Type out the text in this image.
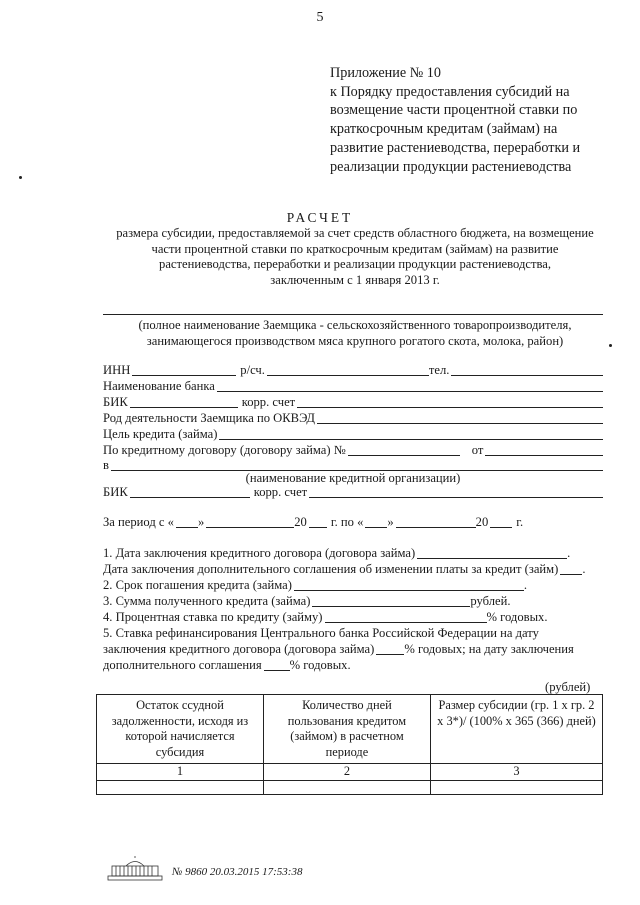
5
Приложение № 10
к Порядку предоставления субсидий на
возмещение части процентной ставки по
краткосрочным кредитам (займам) на
развитие растениеводства, переработки и
реализации продукции растениеводства
РАСЧЕТ
размера субсидии, предоставляемой за счет средств областного бюджета, на возмещение
части процентной ставки по краткосрочным кредитам (займам) на развитие
растениеводства, переработки и реализации продукции растениеводства,
заключенным с 1 января 2013 г.
(полное наименование Заемщика - сельскохозяйственного товаропроизводителя,
занимающегося производством мяса крупного рогатого скота, молока, район)
ИНН	р/сч.	тел.
Наименование банка
БИК	корр. счет
Род деятельности Заемщика по ОКВЭД
Цель кредита (займа)
По кредитному договору (договору займа) №	от
в
(наименование кредитной организации)
БИК	корр. счет
За период с « »	20	г. по « »	20	г.
1. Дата заключения кредитного договора (договора займа)	.
Дата заключения дополнительного соглашения об изменении платы за кредит (займ) .
2. Срок погашения кредита (займа)	.
3. Сумма полученного кредита (займа)	рублей.
4. Процентная ставка по кредиту (займу)	% годовых.
5. Ставка рефинансирования Центрального банка Российской Федерации на дату
заключения кредитного договора (договора займа) % годовых; на дату заключения
дополнительного соглашения % годовых.
(рублей)
Остаток ссудной задолженности, исходя из которой начисляется субсидия	Количество дней пользования кредитом (займом) в расчетном периоде	Размер субсидии (гр. 1 х гр. 2 х 3*)/ (100% х 365 (366) дней)
1	2	3

№ 9860 20.03.2015 17:53:38
